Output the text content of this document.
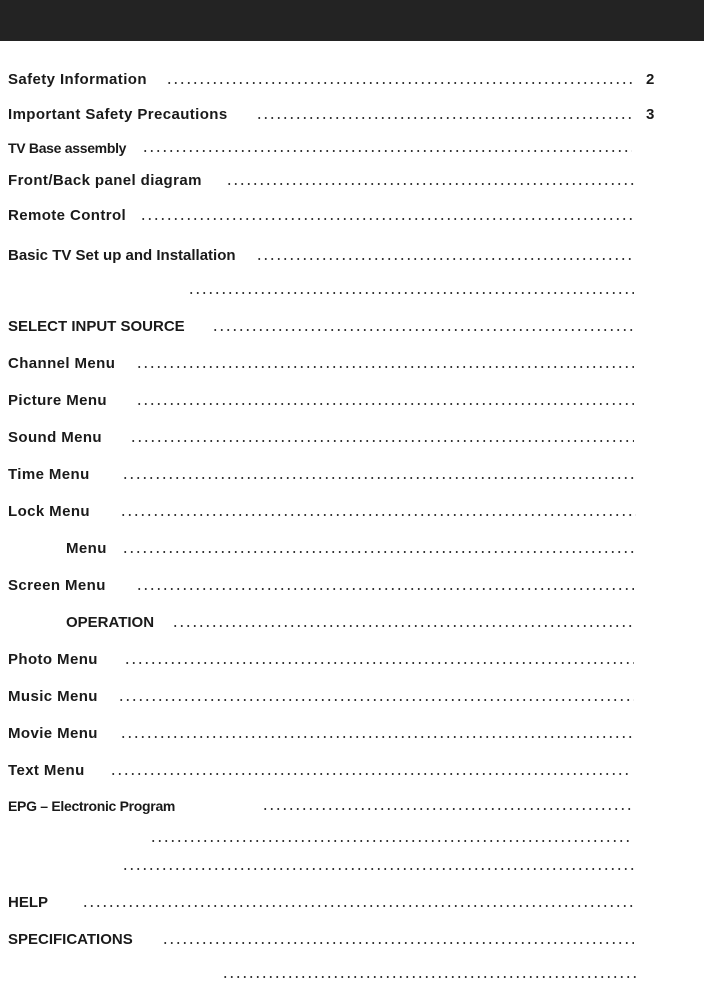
Safety Information	2
Important Safety Precautions	3
TV Base assembly
Front/Back panel diagram
Remote Control
Basic TV Set up and Installation
SELECT INPUT SOURCE
Channel Menu
Picture Menu
Sound Menu
Time Menu
Lock Menu
Menu
Screen Menu
OPERATION
Photo Menu
Music Menu
Movie Menu
Text Menu
EPG – Electronic Program
HELP
SPECIFICATIONS
